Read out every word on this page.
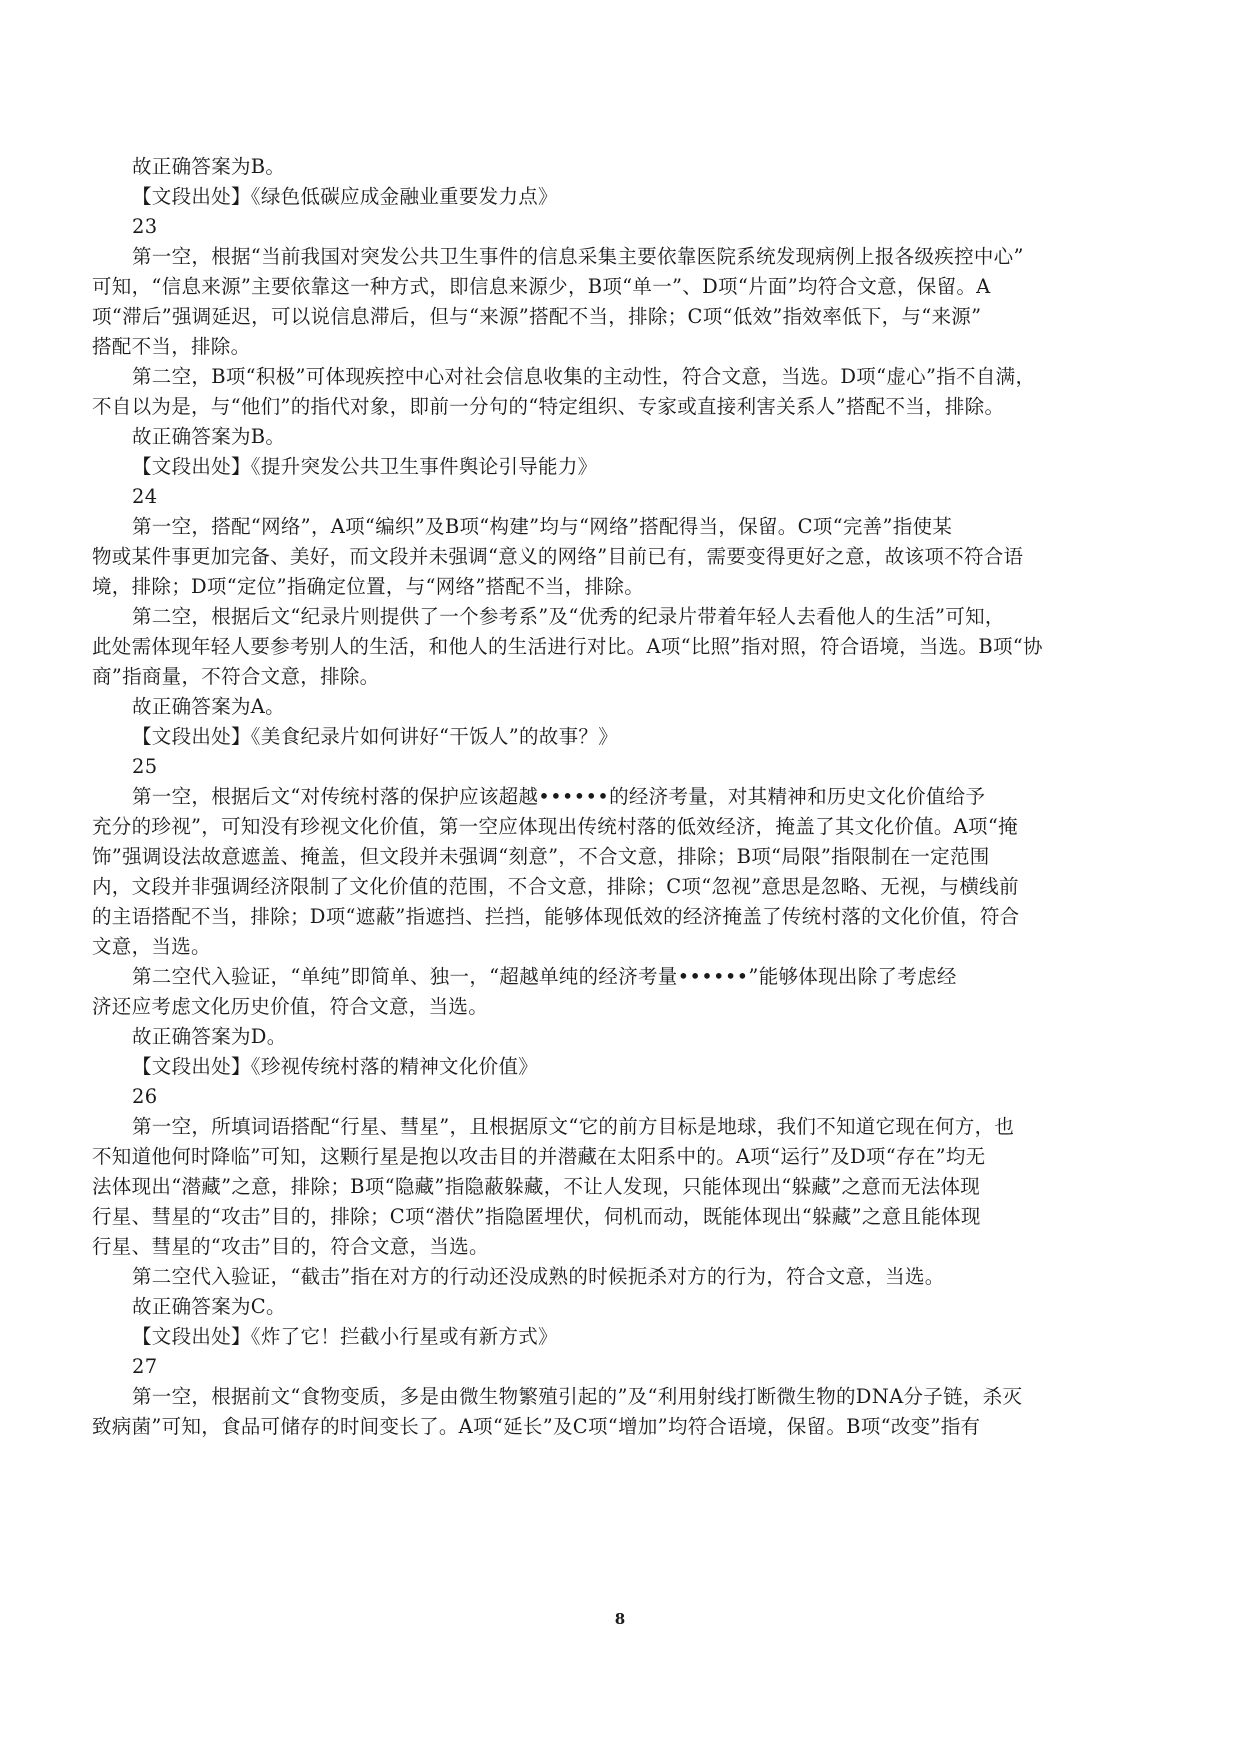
故正确答案为B。
【文段出处】《绿色低碳应成金融业重要发力点》
23
第一空，根据“当前我国对突发公共卫生事件的信息采集主要依靠医院系统发现病例上报各级疾控中心”
可知，“信息来源”主要依靠这一种方式，即信息来源少，B项“单一”、D项“片面”均符合文意，保留。A
项“滞后”强调延迟，可以说信息滞后，但与“来源”搭配不当，排除；C项“低效”指效率低下，与“来源”
搭配不当，排除。
第二空，B项“积极”可体现疾控中心对社会信息收集的主动性，符合文意，当选。D项“虚心”指不自满，
不自以为是，与“他们”的指代对象，即前一分句的“特定组织、专家或直接利害关系人”搭配不当，排除。
故正确答案为B。
【文段出处】《提升突发公共卫生事件舆论引导能力》
24
第一空，搭配“网络”，A项“编织”及B项“构建”均与“网络”搭配得当，保留。C项“完善”指使某
物或某件事更加完备、美好，而文段并未强调“意义的网络”目前已有，需要变得更好之意，故该项不符合语
境，排除；D项“定位”指确定位置，与“网络”搭配不当，排除。
第二空，根据后文“纪录片则提供了一个参考系”及“优秀的纪录片带着年轻人去看他人的生活”可知，
此处需体现年轻人要参考别人的生活，和他人的生活进行对比。A项“比照”指对照，符合语境，当选。B项“协
商”指商量，不符合文意，排除。
故正确答案为A。
【文段出处】《美食纪录片如何讲好“干饭人”的故事？》
25
第一空，根据后文“对传统村落的保护应该超越••••••的经济考量，对其精神和历史文化价值给予
充分的珍视”，可知没有珍视文化价值，第一空应体现出传统村落的低效经济，掩盖了其文化价值。A项“掩
饰”强调设法故意遮盖、掩盖，但文段并未强调“刻意”，不合文意，排除；B项“局限”指限制在一定范围
内，文段并非强调经济限制了文化价值的范围，不合文意，排除；C项“忽视”意思是忽略、无视，与横线前
的主语搭配不当，排除；D项“遮蔽”指遮挡、拦挡，能够体现低效的经济掩盖了传统村落的文化价值，符合
文意，当选。
第二空代入验证，“单纯”即简单、独一，“超越单纯的经济考量••••••”能够体现出除了考虑经
济还应考虑文化历史价值，符合文意，当选。
故正确答案为D。
【文段出处】《珍视传统村落的精神文化价值》
26
第一空，所填词语搭配“行星、彗星”，且根据原文“它的前方目标是地球，我们不知道它现在何方，也
不知道他何时降临”可知，这颗行星是抱以攻击目的并潜藏在太阳系中的。A项“运行”及D项“存在”均无
法体现出“潜藏”之意，排除；B项“隐藏”指隐蔽躲藏，不让人发现，只能体现出“躲藏”之意而无法体现
行星、彗星的“攻击”目的，排除；C项“潜伏”指隐匿埋伏，伺机而动，既能体现出“躲藏”之意且能体现
行星、彗星的“攻击”目的，符合文意，当选。
第二空代入验证，“截击”指在对方的行动还没成熟的时候扼杀对方的行为，符合文意，当选。
故正确答案为C。
【文段出处】《炸了它！拦截小行星或有新方式》
27
第一空，根据前文“食物变质，多是由微生物繁殖引起的”及“利用射线打断微生物的DNA分子链，杀灭
致病菌”可知，食品可储存的时间变长了。A项“延长”及C项“增加”均符合语境，保留。B项“改变”指有
8
